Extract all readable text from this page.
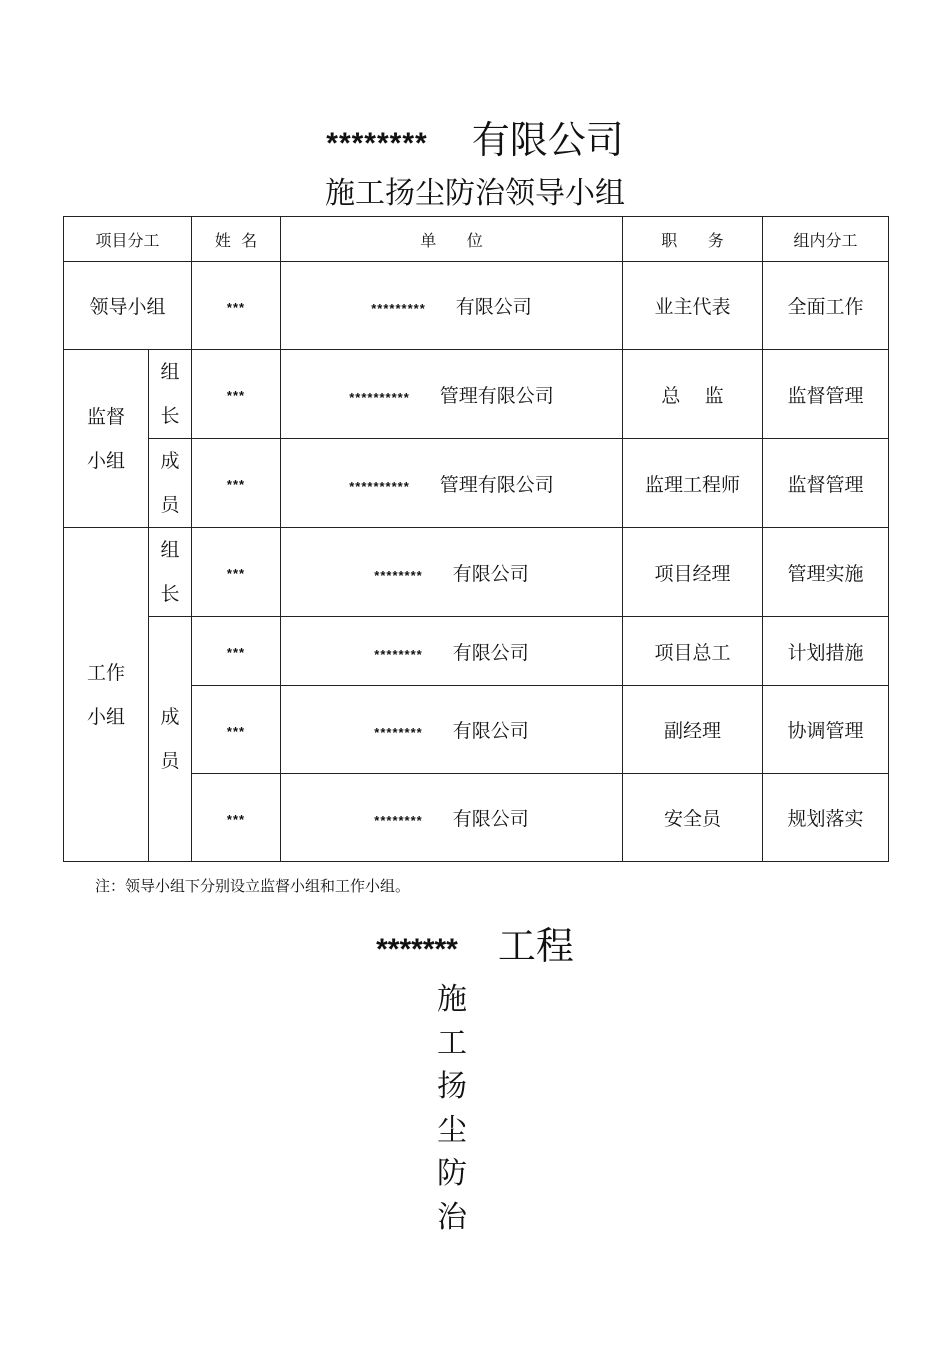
******** 有限公司
施工扬尘防治领导小组
项目分工		姓  名	单      位	职      务	组内分工
领导小组		***	********* 有限公司	业主代表	全面工作

监督
小组	组长	***	********** 管理有限公司	总    监	监督管理
	成员	***	********** 管理有限公司	监理工程师	监督管理

工作
小组	组长	***	******** 有限公司	项目经理	管理实施
	成员	***	******** 有限公司	项目总工	计划措施
		***	******** 有限公司	副经理	协调管理
		***	******** 有限公司	安全员	规划落实
注：领导小组下分别设立监督小组和工作小组。
******* 工程
施工扬尘防治
